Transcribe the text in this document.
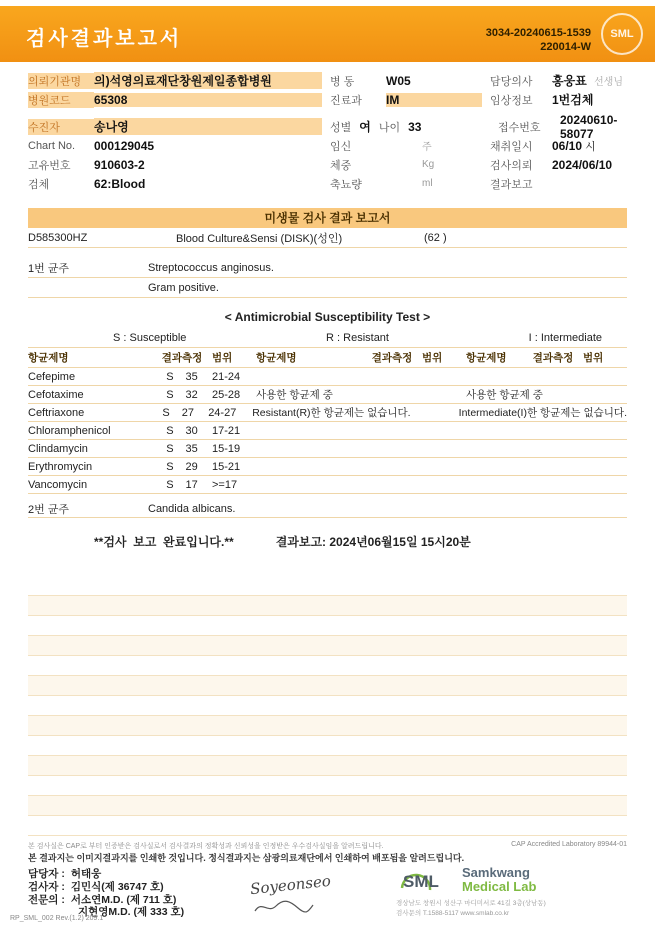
검사결과보고서	3034-20240615-1539
220014-W
SML
의뢰기관명	의)석영의료재단창원제일종합병원	병 동	W05	담당의사	홍웅표 선생님
병원코드	65308	진료과	IM	임상정보	1번검체
수진자	송나영	성별 여 나이 33	접수번호
20240610-58077
Chart No.	000129045	임신	주	채취일시	06/10
시
고유번호	910603-2	체중	Kg	검사의뢰	2024/06/10
검체	62:Blood	축뇨량	ml	결과보고
미생물 검사 결과 보고서
D585300HZ	Blood Culture&Sensi (DISK)(성인)	(62 )
1번 균주	Streptococcus anginosus.
Gram positive.
< Antimicrobial Susceptibility Test >
S : Susceptible	R : Resistant	I : Intermediate
항균제명	결과측정 범위	항균제명	결과측정 범위	항균제명	결과측정 범위
Cefepime	S 35 21-24
Cefotaxime	S 32 25-28	사용한 항균제 중	사용한 항균제 중
Ceftriaxone	S 27 24-27	Resistant(R)한 항균제는 없습니다.	Intermediate(I)한 항균제는 없습니다.
Chloramphenicol	S 30 17-21
Clindamycin	S 35 15-19
Erythromycin	S 29 15-21
Vancomycin	S 17 >=17
2번 균주	Candida albicans.
**검사  보고  완료입니다.**	결과보고: 2024년06월15일 15시20분
본 검사실은 CAP로 부터 인증받은 검사실로서 검사결과의 정확성과 신뢰성을 인정받은 우수검사실임을 알려드립니다.	CAP Accredited Laboratory 89944-01
본 결과지는 이미지결과지를 인쇄한 것입니다. 정식결과지는 삼광의료재단에서 인쇄하여 배포됨을 알려드립니다.
담당자 : 허태웅
검사자 : 김민식(제 36747 호)
전문의 : 서소연M.D. (제 711 호)
지현영M.D. (제 333 호)
Soyeonseo	SML Samkwang
Medical Lab
경상남도 창원시 성산구 마디미서로 41길 3층(상남동)
검사문의 T.1588-5117 www.smlab.co.kr
RP_SML_002 Rev.(1.2) 209.1
